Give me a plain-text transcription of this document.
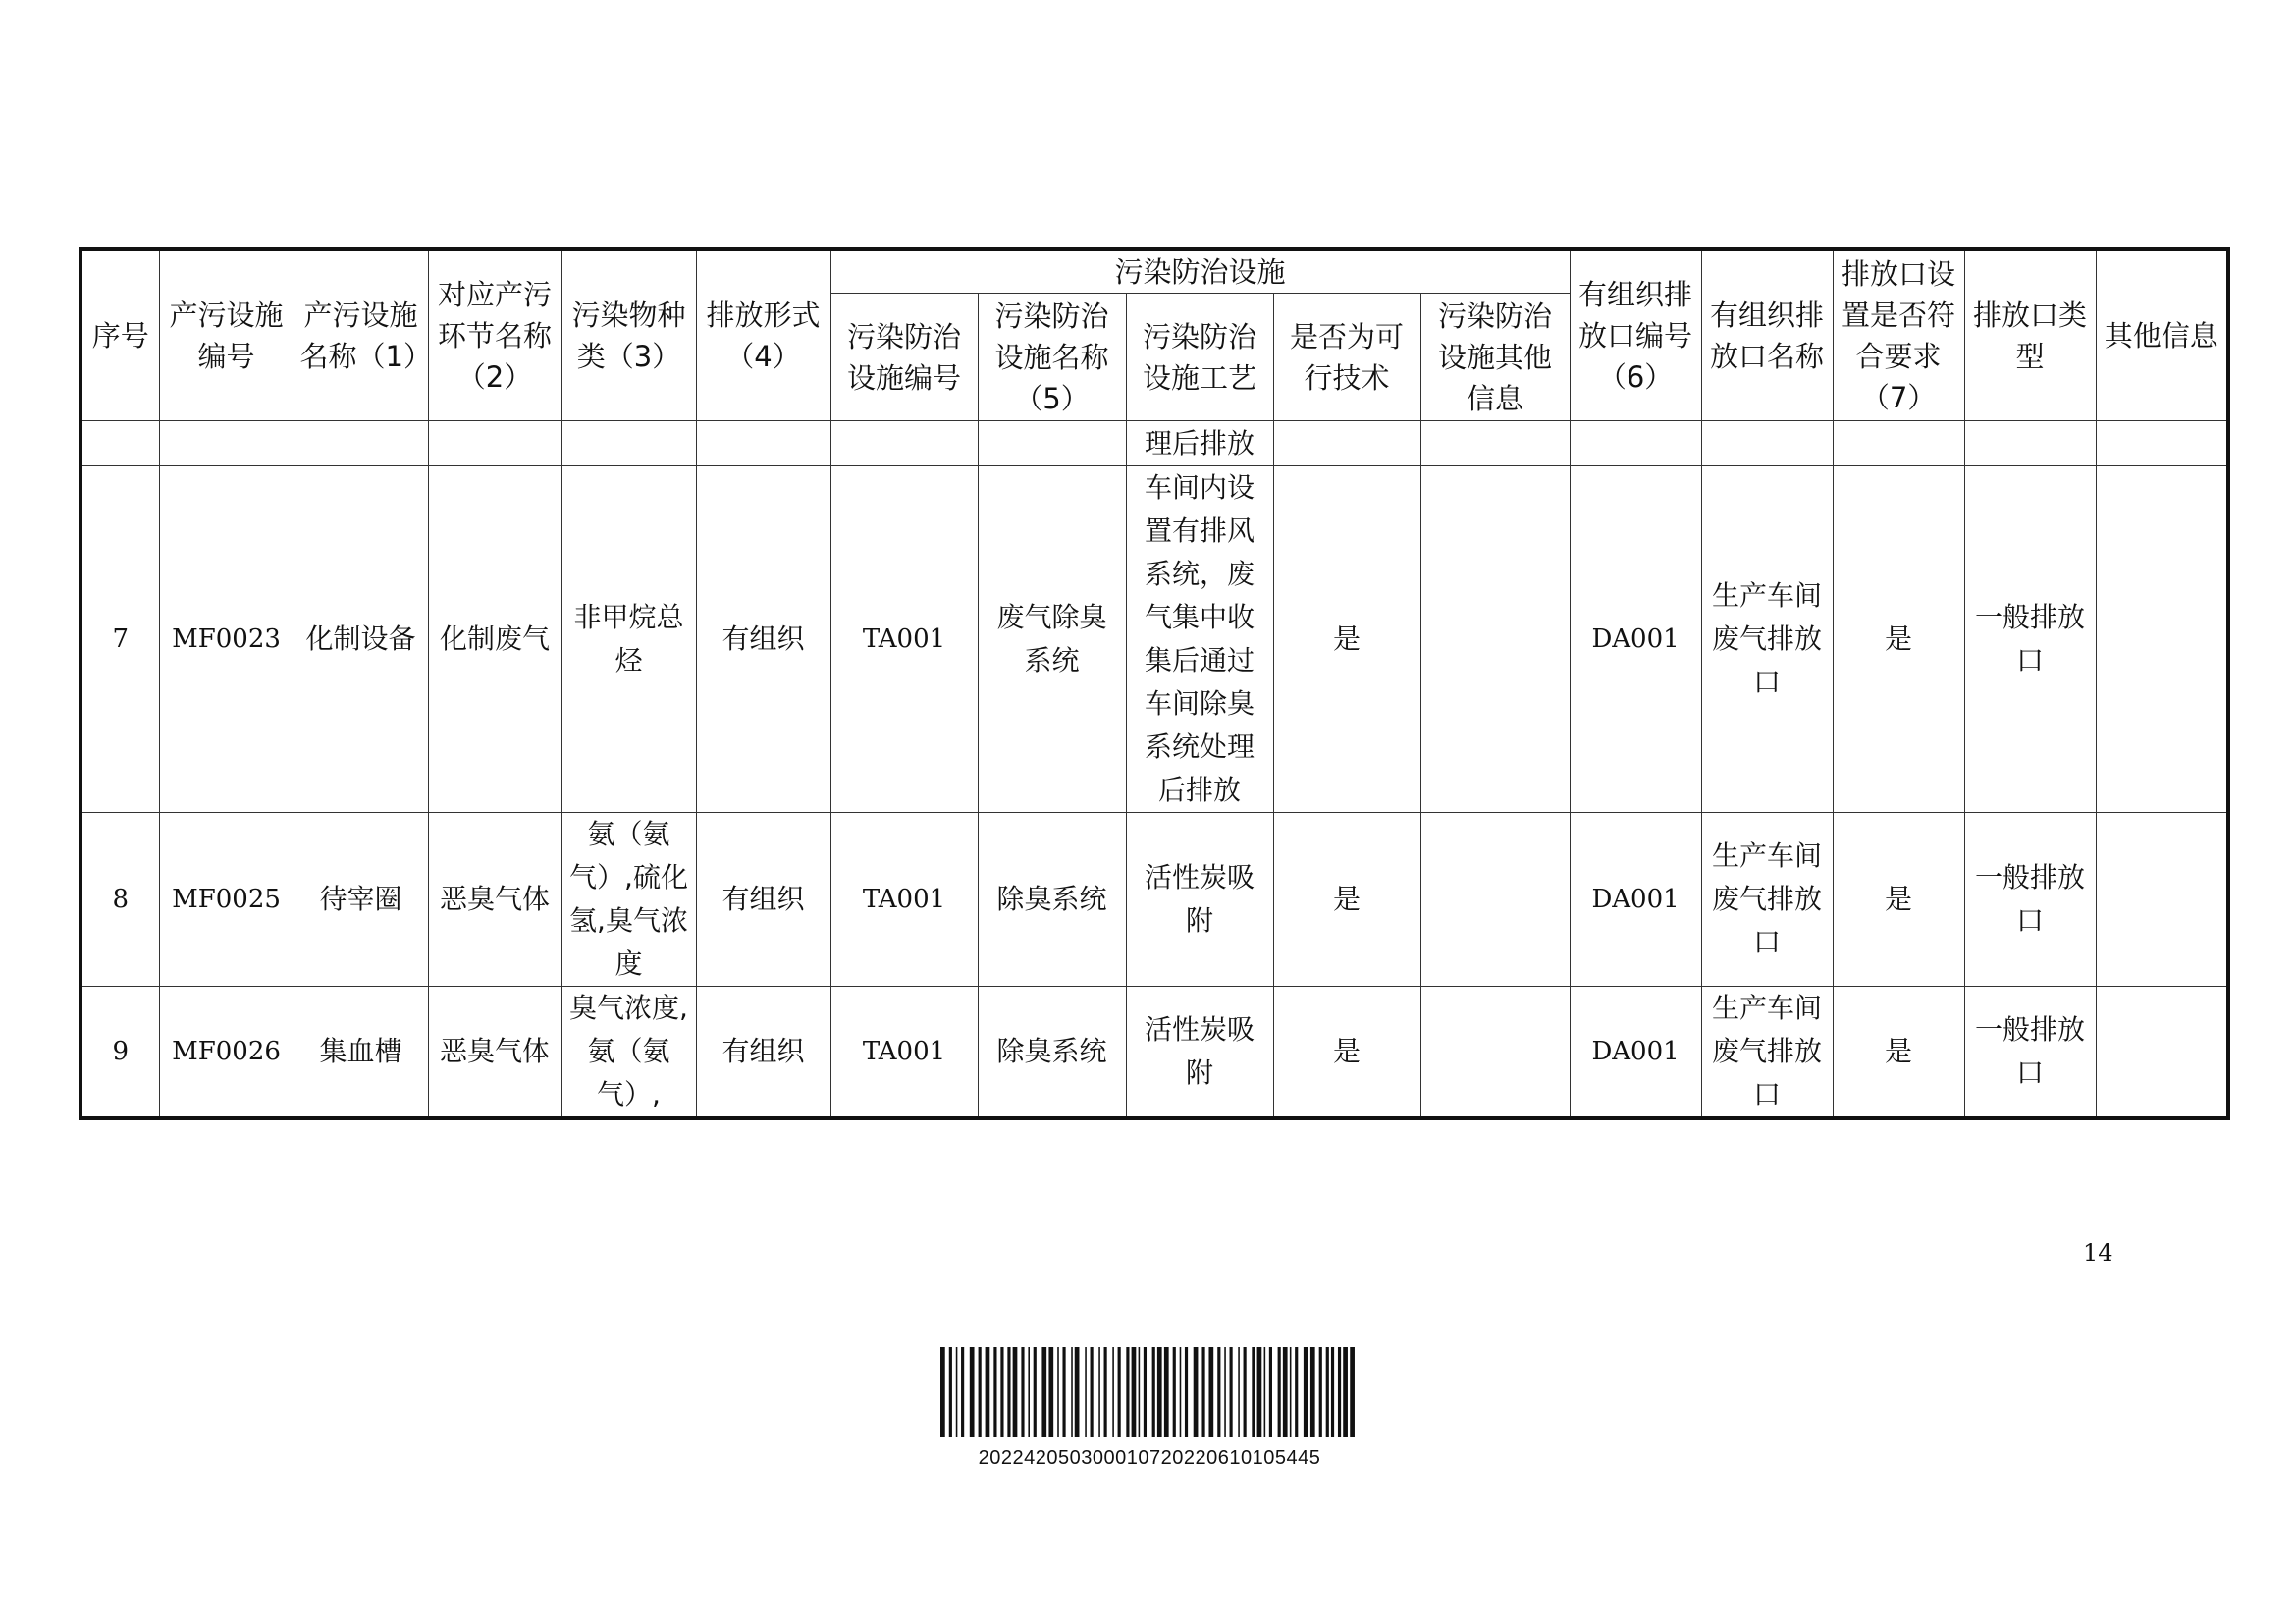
序号	产污设施编号	产污设施名称（1）	对应产污环节名称（2）	污染物种类（3）	排放形式（4）	污染防治设施					有组织排放口编号（6）	有组织排放口名称	排放口设置是否符合要求（7）	排放口类型	其他信息
						污染防治设施编号	污染防治设施名称（5）	污染防治设施工艺	是否为可行技术	污染防治设施其他信息					
								理后排放							
7	MF0023	化制设备	化制废气	非甲烷总烃	有组织	TA001	废气除臭系统	车间内设置有排风系统，废气集中收集后通过车间除臭系统处理后排放	是		DA001	生产车间废气排放口	是	一般排放口	
8	MF0025	待宰圈	恶臭气体	氨（氨气）,硫化氢,臭气浓度	有组织	TA001	除臭系统	活性炭吸附	是		DA001	生产车间废气排放口	是	一般排放口	
9	MF0026	集血槽	恶臭气体	臭气浓度,氨（氨气）,	有组织	TA001	除臭系统	活性炭吸附	是		DA001	生产车间废气排放口	是	一般排放口	
14
20224205030001072022061010544​5
